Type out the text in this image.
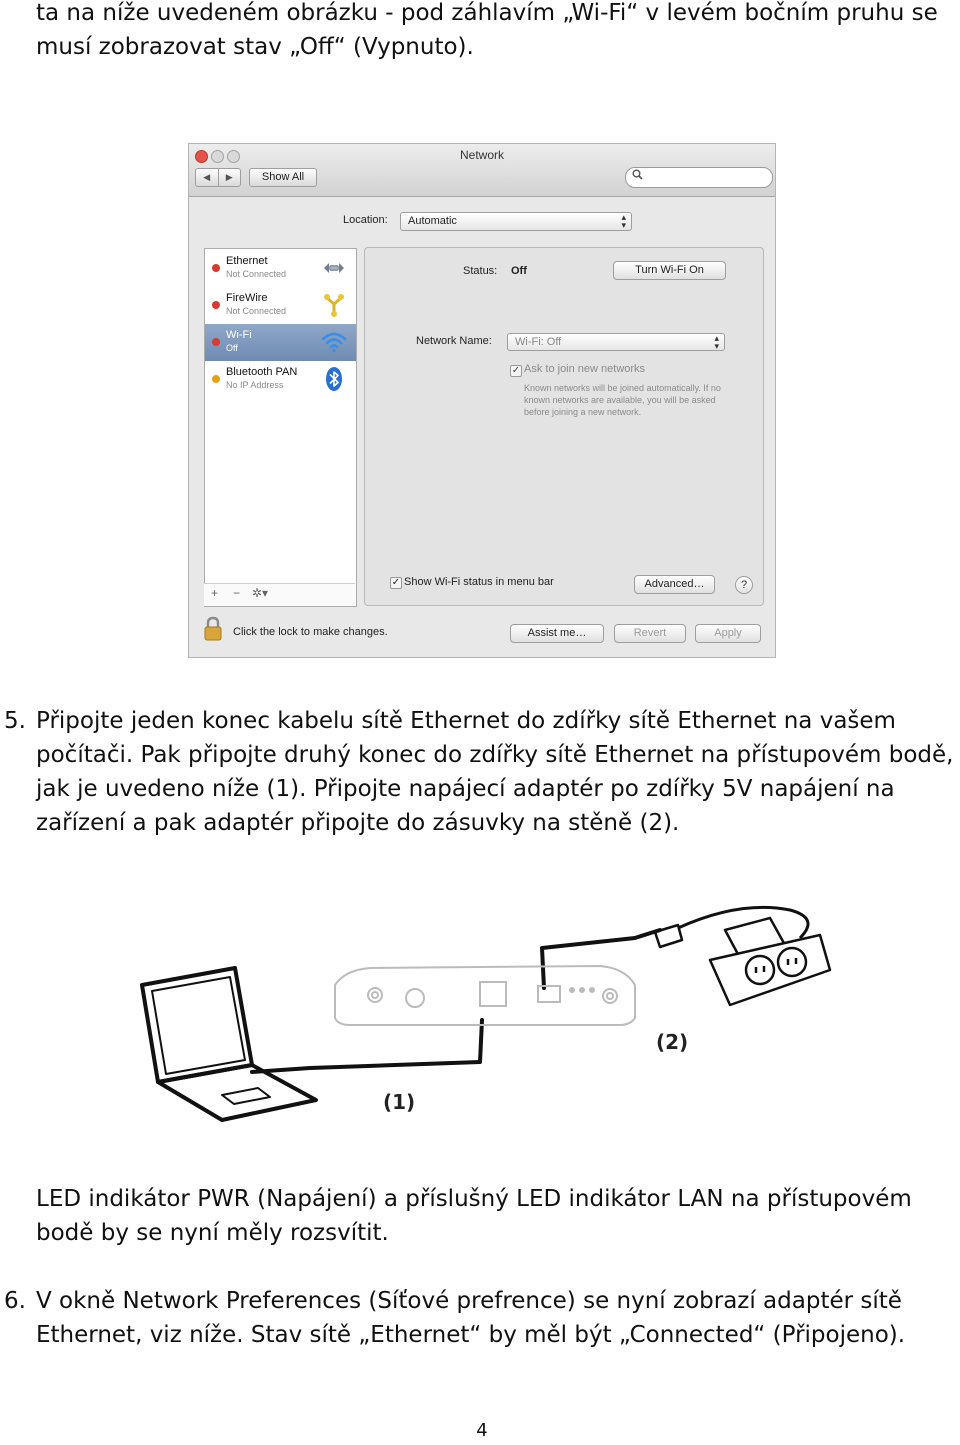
ta na níže uvedeném obrázku - pod záhlavím „Wi-Fi“ v levém bočním pruhu se musí zobrazovat stav „Off“ (Vypnuto).

Network
◀	▶	Show All
Location: Automatic	▴
▾
Ethernet
Not Connected
FireWire
Not Connected
Wi-Fi
Off
Bluetooth PAN
No IP Address
+ − ✲▾
Status: Off	Turn Wi-Fi On
Network Name: Wi-Fi: Off	▴
▾
✓ Ask to join new networks
Known networks will be joined automatically. If no known networks are available, you will be asked before joining a new network.
✓ Show Wi-Fi status in menu bar	Advanced…	?
Click the lock to make changes.	Assist me…	Revert	Apply
5. Připojte jeden konec kabelu sítě Ethernet do zdířky sítě Ethernet na vašem počítači. Pak připojte druhý konec do zdířky sítě Ethernet na přístupovém bodě, jak je uvedeno níže (1). Připojte napájecí adaptér po zdířky 5V napájení na zařízení a pak adaptér připojte do zásuvky na stěně (2).

(1)
(2)

LED indikátor PWR (Napájení) a příslušný LED indikátor LAN na přístupovém bodě by se nyní měly rozsvítit.

6. V okně Network Preferences (Síťové prefrence) se nyní zobrazí adaptér sítě Ethernet, viz níže. Stav sítě „Ethernet“ by měl být „Connected“ (Připojeno).

4
